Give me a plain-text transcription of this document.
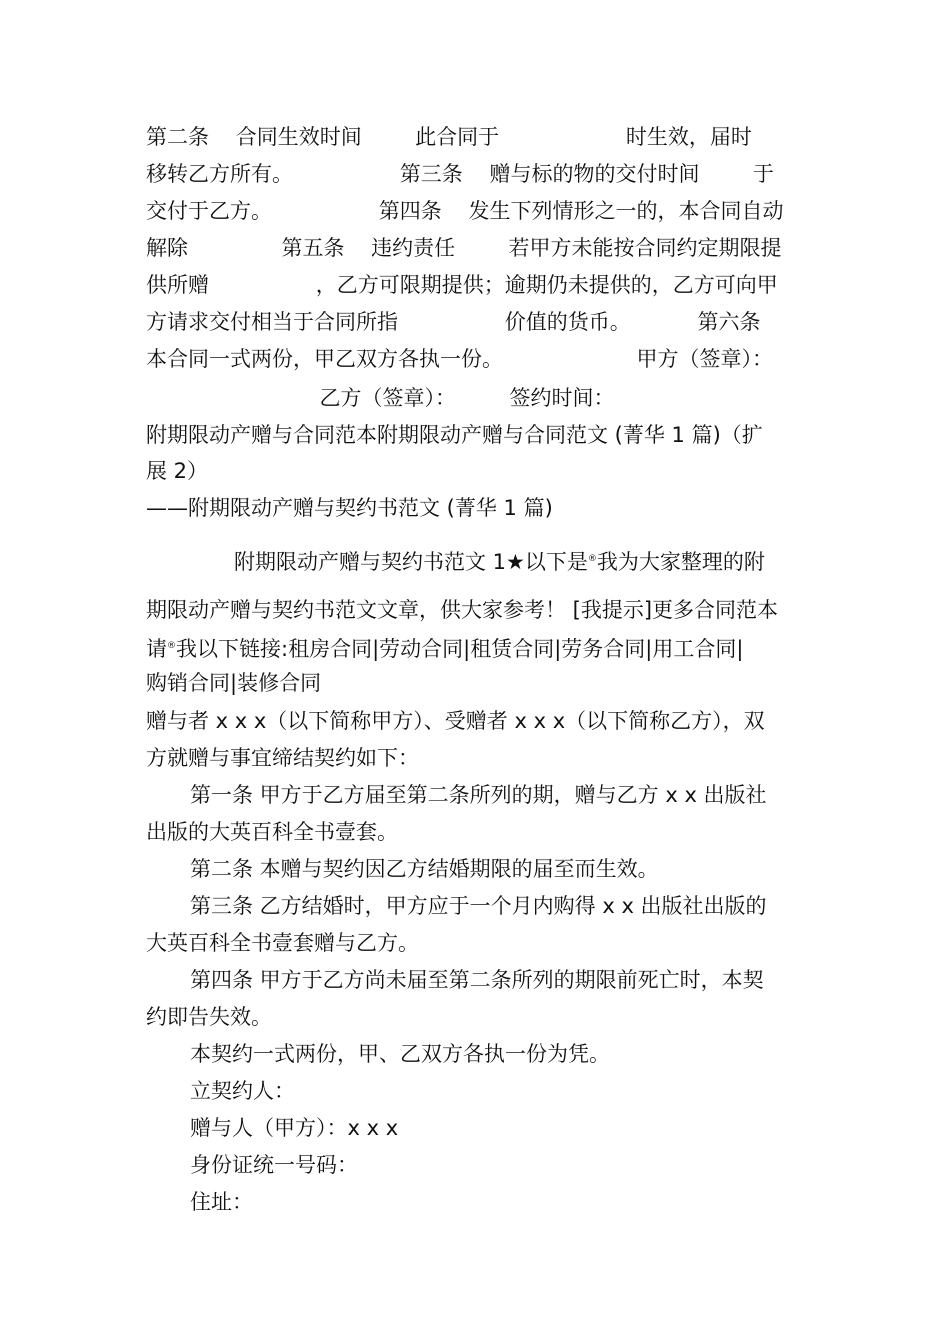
第二条    合同生效时间        此合同于                   时生效，届时
移转乙方所有。                第三条    赠与标的物的交付时间        于
交付于乙方。                第四条    发生下列情形之一的，本合同自动
解除              第五条    违约责任        若甲方未能按合同约定期限提
供所赠                ，乙方可限期提供；逾期仍未提供的，乙方可向甲
方请求交付相当于合同所指                价值的货币。          第六条
本合同一式两份，甲乙双方各执一份。                    甲方（签章）：
乙方（签章）：        签约时间：
附期限动产赠与合同范本附期限动产赠与合同范文 (菁华 1 篇)（扩
展 2）
——附期限动产赠与契约书范文 (菁华 1 篇)
附期限动产赠与契约书范文 1★以下是®我为大家整理的附
期限动产赠与契约书范文文章，供大家参考！ [我提示]更多合同范本
请®我以下链接:租房合同|劳动合同|租赁合同|劳务合同|用工合同|
购销合同|装修合同
赠与者 x x x（以下简称甲方）、受赠者 x x x（以下简称乙方），双
方就赠与事宜缔结契约如下：
第一条 甲方于乙方届至第二条所列的期，赠与乙方 x x 出版社
出版的大英百科全书壹套。
第二条 本赠与契约因乙方结婚期限的届至而生效。
第三条 乙方结婚时，甲方应于一个月内购得 x x 出版社出版的
大英百科全书壹套赠与乙方。
第四条 甲方于乙方尚未届至第二条所列的期限前死亡时，本契
约即告失效。
本契约一式两份，甲、乙双方各执一份为凭。
立契约人：
赠与人（甲方）：x x x
身份证统一号码：
住址：
